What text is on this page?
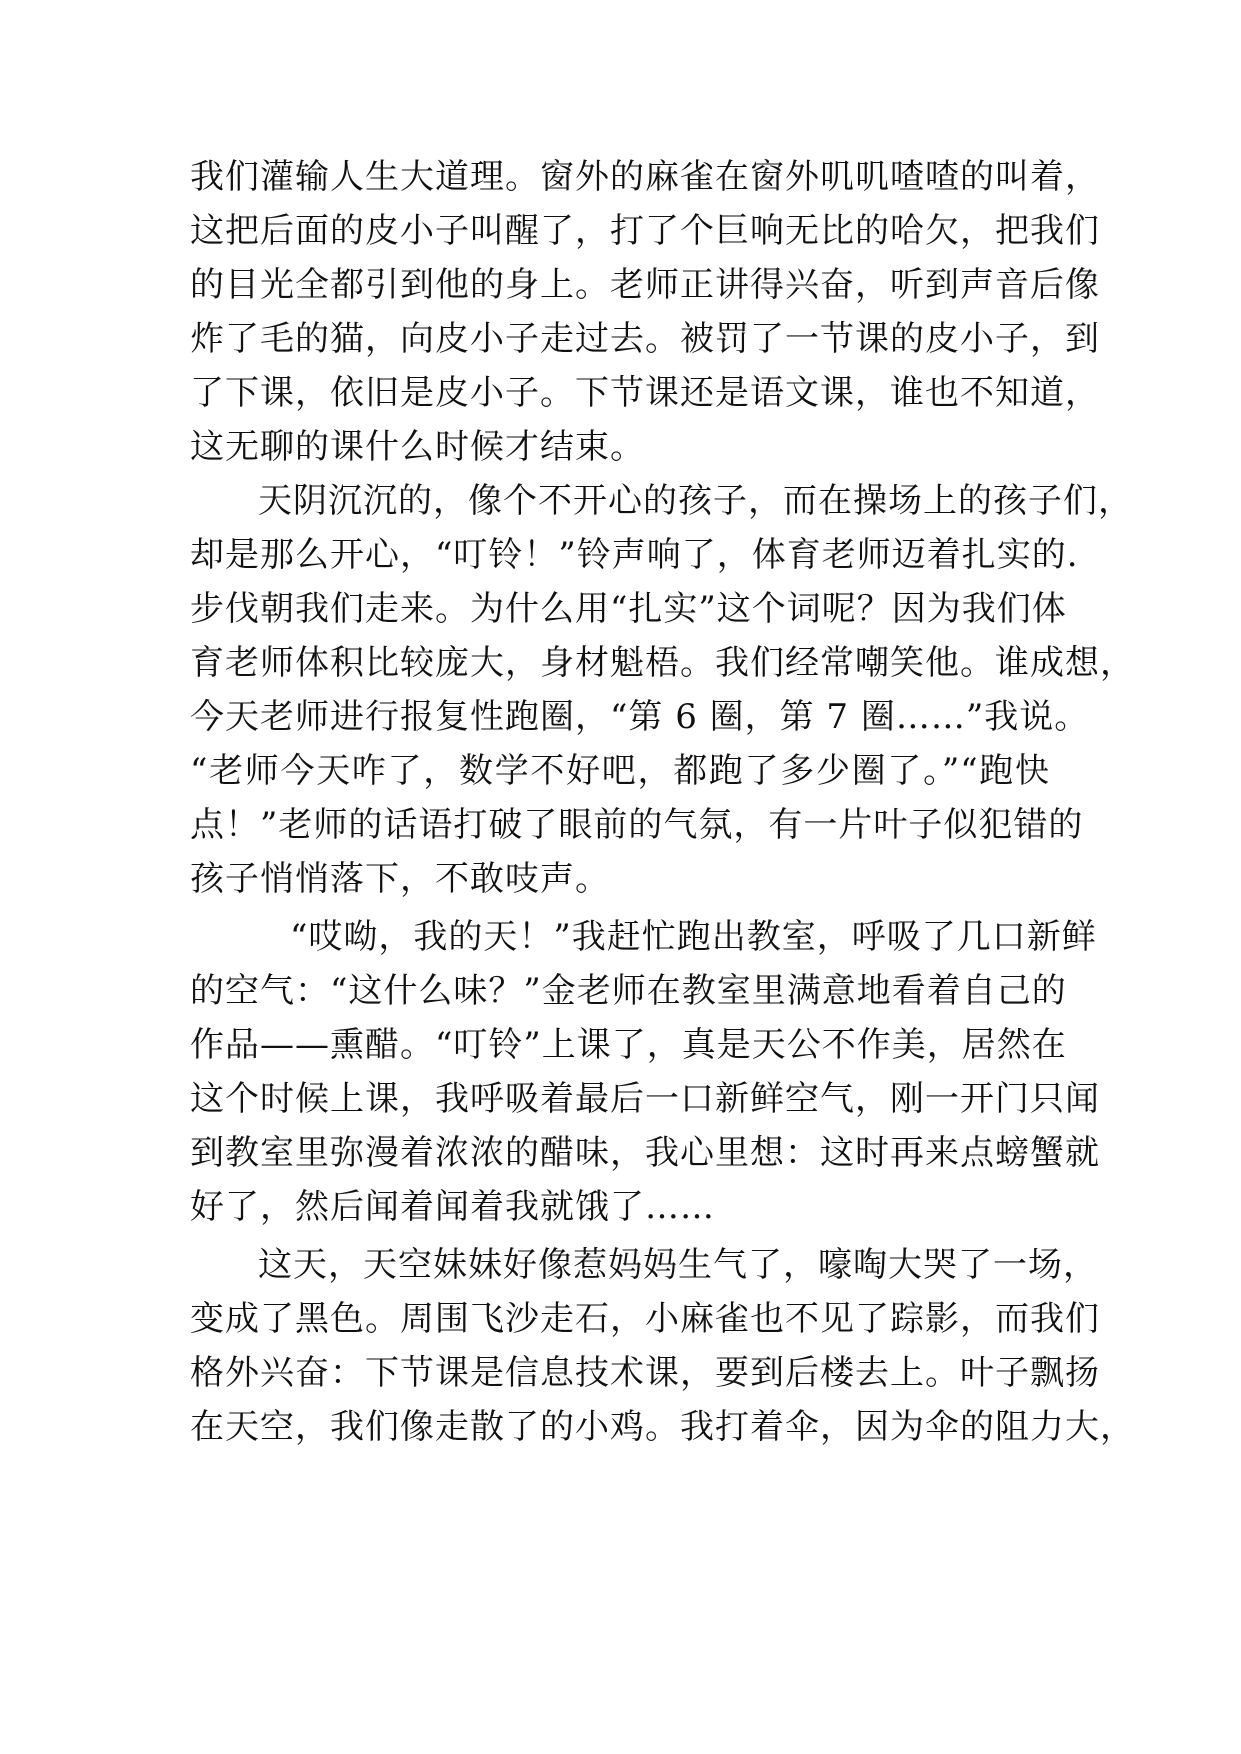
我们灌输人生大道理。窗外的麻雀在窗外叽叽喳喳的叫着，
这把后面的皮小子叫醒了，打了个巨响无比的哈欠，把我们
的目光全都引到他的身上。老师正讲得兴奋，听到声音后像
炸了毛的猫，向皮小子走过去。被罚了一节课的皮小子，到
了下课，依旧是皮小子。下节课还是语文课，谁也不知道，
这无聊的课什么时候才结束。
天阴沉沉的，像个不开心的孩子，而在操场上的孩子们，
却是那么开心，“叮铃！”铃声响了，体育老师迈着扎实的.
步伐朝我们走来。为什么用“扎实”这个词呢？因为我们体
育老师体积比较庞大，身材魁梧。我们经常嘲笑他。谁成想，
今天老师进行报复性跑圈，“第 6 圈，第 7 圈……”我说。
“老师今天咋了，数学不好吧，都跑了多少圈了。”“跑快
点！”老师的话语打破了眼前的气氛，有一片叶子似犯错的
孩子悄悄落下，不敢吱声。
“哎呦，我的天！”我赶忙跑出教室，呼吸了几口新鲜
的空气：“这什么味？”金老师在教室里满意地看着自己的
作品——熏醋。“叮铃”上课了，真是天公不作美，居然在
这个时候上课，我呼吸着最后一口新鲜空气，刚一开门只闻
到教室里弥漫着浓浓的醋味，我心里想：这时再来点螃蟹就
好了，然后闻着闻着我就饿了……
这天，天空妹妹好像惹妈妈生气了，嚎啕大哭了一场，
变成了黑色。周围飞沙走石，小麻雀也不见了踪影，而我们
格外兴奋：下节课是信息技术课，要到后楼去上。叶子飘扬
在天空，我们像走散了的小鸡。我打着伞，因为伞的阻力大，
